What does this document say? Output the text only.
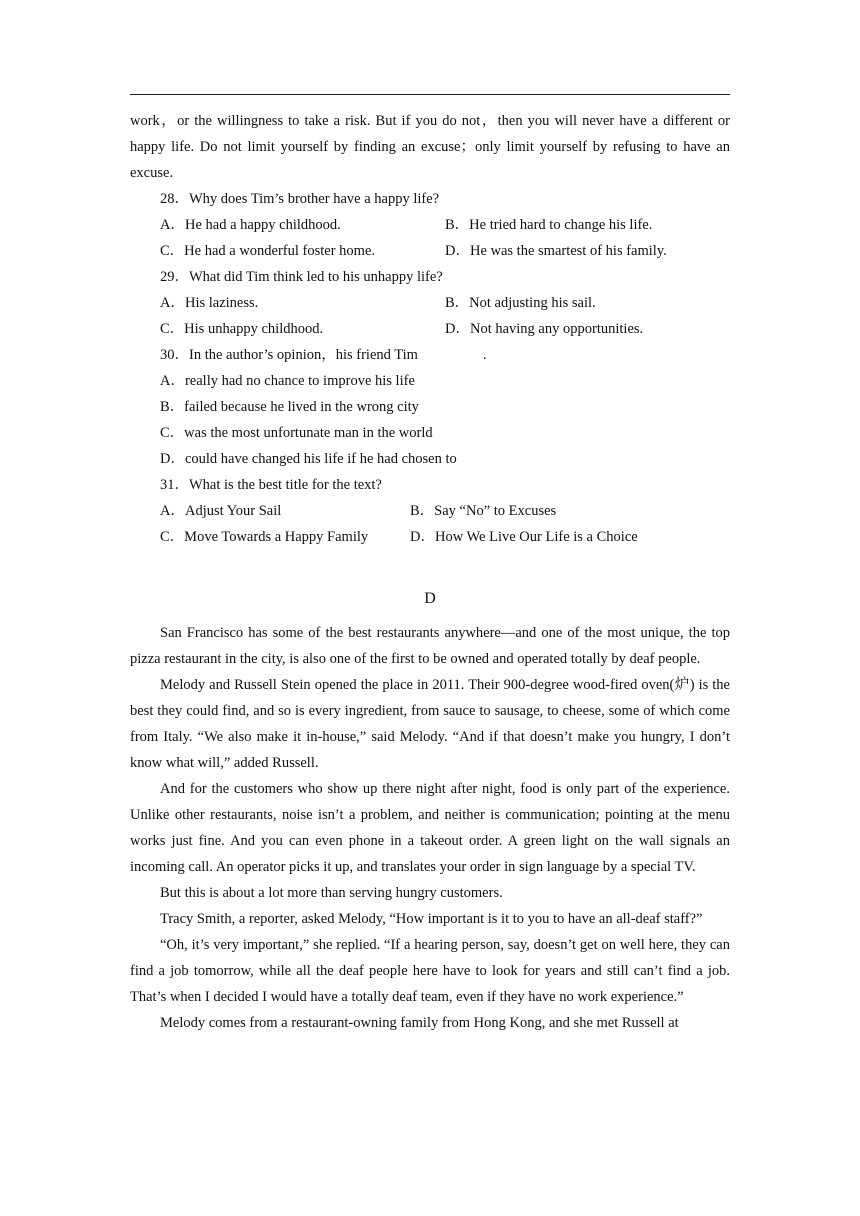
work，or the willingness to take a risk. But if you do not，then you will never have a different or happy life. Do not limit yourself by finding an excuse；only limit yourself by refusing to have an excuse.
28．Why does Tim’s brother have a happy life?
A．He had a happy childhood.	B．He tried hard to change his life.
C．He had a wonderful foster home.	D．He was the smartest of his family.
29．What did Tim think led to his unhappy life?
A．His laziness.	B．Not adjusting his sail.
C．His unhappy childhood.	D．Not having any opportunities.
30．In the author’s opinion，his friend Tim	.
A．really had no chance to improve his life
B．failed because he lived in the wrong city
C．was the most unfortunate man in the world
D．could have changed his life if he had chosen to
31．What is the best title for the text?
A．Adjust Your Sail	B．Say “No” to Excuses
C．Move Towards a Happy Family	D．How We Live Our Life is a Choice
D
San Francisco has some of the best restaurants anywhere—and one of the most unique, the top pizza restaurant in the city, is also one of the first to be owned and operated totally by deaf people.
Melody and Russell Stein opened the place in 2011. Their 900-degree wood-fired oven(炉) is the best they could find, and so is every ingredient, from sauce to sausage, to cheese, some of which come from Italy. “We also make it in-house,” said Melody. “And if that doesn’t make you hungry, I don’t know what will,” added Russell.
And for the customers who show up there night after night, food is only part of the experience. Unlike other restaurants, noise isn’t a problem, and neither is communication; pointing at the menu works just fine. And you can even phone in a takeout order. A green light on the wall signals an incoming call. An operator picks it up, and translates your order in sign language by a special TV.
But this is about a lot more than serving hungry customers.
Tracy Smith, a reporter, asked Melody, “How important is it to you to have an all-deaf staff?”
“Oh, it’s very important,” she replied. “If a hearing person, say, doesn’t get on well here, they can find a job tomorrow, while all the deaf people here have to look for years and still can’t find a job. That’s when I decided I would have a totally deaf team, even if they have no work experience.”
Melody comes from a restaurant-owning family from Hong Kong, and she met Russell at
